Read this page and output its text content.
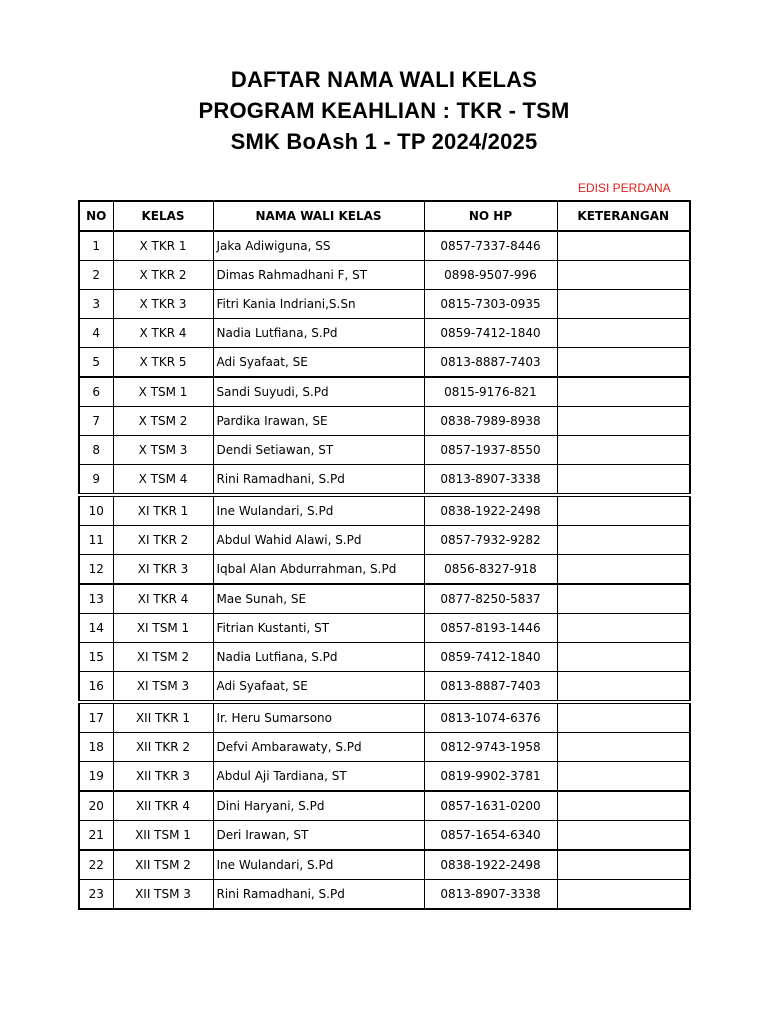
DAFTAR NAMA WALI KELAS
PROGRAM KEAHLIAN : TKR - TSM
SMK BoAsh 1 - TP 2024/2025
EDISI PERDANA
NO	KELAS	NAMA WALI KELAS	NO HP	KETERANGAN
1	X TKR 1	Jaka Adiwiguna, SS	0857-7337-8446	
2	X TKR 2	Dimas Rahmadhani F, ST	0898-9507-996	
3	X TKR 3	Fitri Kania Indriani,S.Sn	0815-7303-0935	
4	X TKR 4	Nadia Lutfiana, S.Pd	0859-7412-1840	
5	X TKR 5	Adi Syafaat, SE	0813-8887-7403	
6	X TSM 1	Sandi Suyudi, S.Pd	0815-9176-821	
7	X TSM 2	Pardika Irawan, SE	0838-7989-8938	
8	X TSM 3	Dendi Setiawan, ST	0857-1937-8550	
9	X TSM 4	Rini Ramadhani, S.Pd	0813-8907-3338	
10	XI TKR 1	Ine Wulandari, S.Pd	0838-1922-2498	
11	XI TKR 2	Abdul Wahid Alawi, S.Pd	0857-7932-9282	
12	XI TKR 3	Iqbal Alan Abdurrahman, S.Pd	0856-8327-918	
13	XI TKR 4	Mae Sunah, SE	0877-8250-5837	
14	XI TSM 1	Fitrian Kustanti, ST	0857-8193-1446	
15	XI TSM 2	Nadia Lutfiana, S.Pd	0859-7412-1840	
16	XI TSM 3	Adi Syafaat, SE	0813-8887-7403	
17	XII TKR 1	Ir. Heru Sumarsono	0813-1074-6376	
18	XII TKR 2	Defvi Ambarawaty, S.Pd	0812-9743-1958	
19	XII TKR 3	Abdul Aji Tardiana, ST	0819-9902-3781	
20	XII TKR 4	Dini Haryani, S.Pd	0857-1631-0200	
21	XII TSM 1	Deri Irawan, ST	0857-1654-6340	
22	XII TSM 2	Ine Wulandari, S.Pd	0838-1922-2498	
23	XII TSM 3	Rini Ramadhani, S.Pd	0813-8907-3338	
